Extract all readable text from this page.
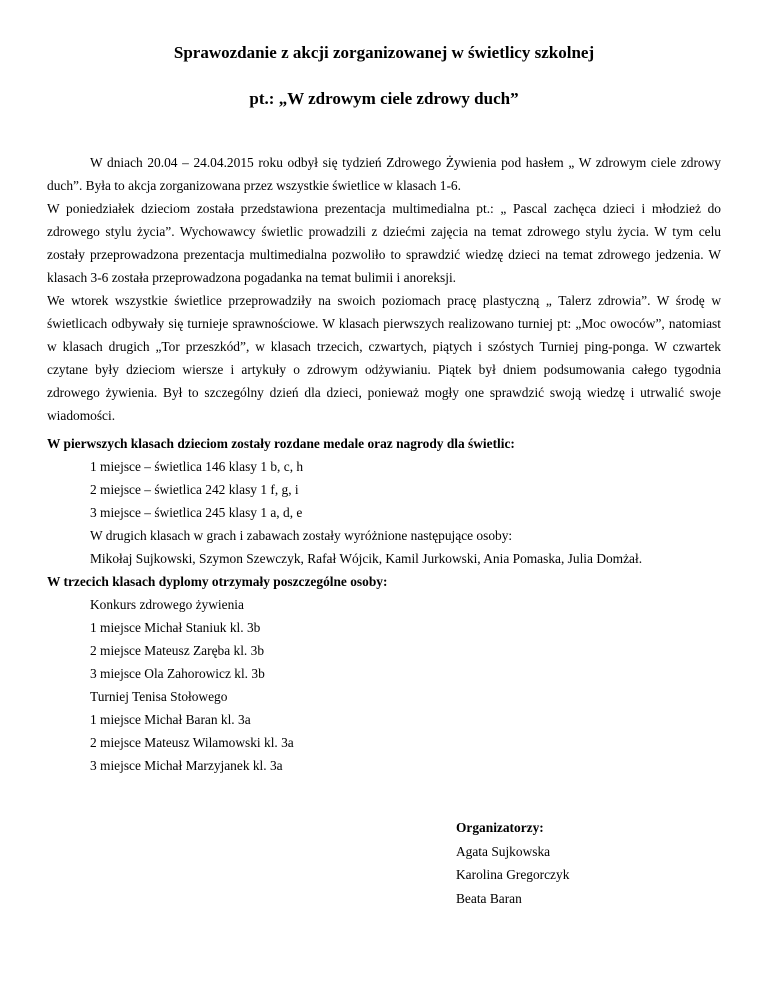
Sprawozdanie z akcji zorganizowanej w świetlicy szkolnej
pt.: „W zdrowym ciele zdrowy duch”

W dniach 20.04 – 24.04.2015 roku odbył się tydzień Zdrowego Żywienia pod hasłem „ W zdrowym ciele zdrowy duch”. Była to akcja zorganizowana przez wszystkie świetlice w klasach 1-6.

W poniedziałek dzieciom została przedstawiona prezentacja multimedialna pt.: „ Pascal zachęca dzieci i młodzież do zdrowego stylu życia”. Wychowawcy świetlic prowadzili z dziećmi zajęcia na temat zdrowego stylu życia. W tym celu zostały przeprowadzona prezentacja multimedialna pozwoliło to sprawdzić wiedzę dzieci na temat zdrowego jedzenia. W klasach 3-6 została przeprowadzona pogadanka na temat bulimii i anoreksji.

We wtorek wszystkie świetlice przeprowadziły na swoich poziomach pracę plastyczną „ Talerz zdrowia”. W środę w świetlicach odbywały się turnieje sprawnościowe. W klasach pierwszych realizowano turniej pt: „Moc owoców”, natomiast w klasach drugich „Tor przeszkód”, w klasach trzecich, czwartych, piątych i szóstych Turniej ping-ponga. W czwartek czytane były dzieciom wiersze i artykuły o zdrowym odżywianiu. Piątek był dniem podsumowania całego tygodnia zdrowego żywienia. Był to szczególny dzień dla dzieci, ponieważ mogły one sprawdzić swoją wiedzę i utrwalić swoje wiadomości.

W pierwszych klasach dzieciom zostały rozdane medale oraz nagrody dla świetlic:
1 miejsce – świetlica 146 klasy 1 b, c, h
2 miejsce – świetlica 242 klasy 1 f, g, i
3 miejsce – świetlica 245 klasy 1 a, d, e
W drugich klasach w grach i zabawach zostały wyróżnione następujące osoby:
Mikołaj Sujkowski, Szymon Szewczyk, Rafał Wójcik, Kamil Jurkowski, Ania Pomaska, Julia Domżał.
W trzecich klasach dyplomy otrzymały poszczególne osoby:
Konkurs zdrowego żywienia
1 miejsce Michał Staniuk kl. 3b
2 miejsce Mateusz Zaręba kl. 3b
3 miejsce Ola Zahorowicz kl. 3b
Turniej Tenisa Stołowego
1 miejsce Michał Baran kl. 3a
2 miejsce Mateusz Wilamowski kl. 3a
3 miejsce Michał Marzyjanek kl. 3a
Organizatorzy:
Agata Sujkowska
Karolina Gregorczyk
Beata Baran
